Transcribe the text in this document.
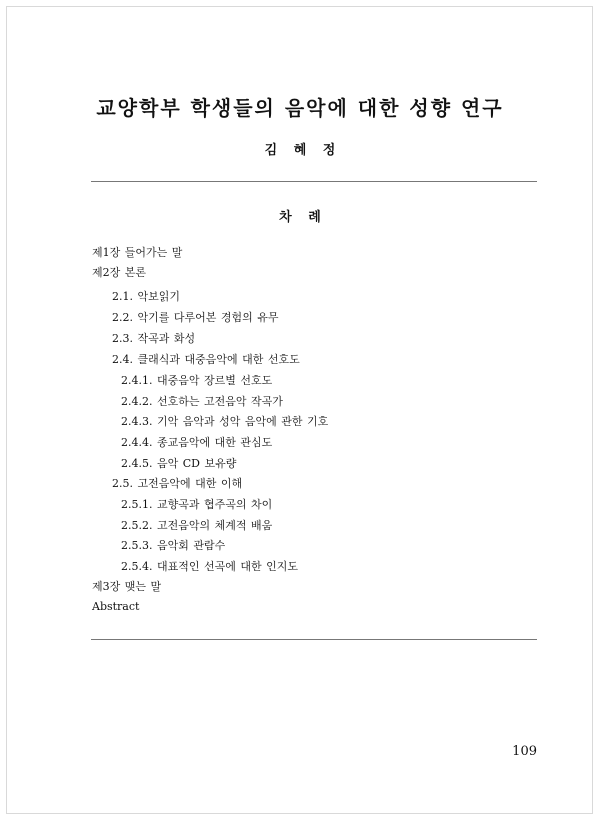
교양학부 학생들의 음악에 대한 성향 연구
김 혜 정
차 례
제1장 들어가는 말
제2장 본론
2.1. 악보읽기
2.2. 악기를 다루어본 경험의 유무
2.3. 작곡과 화성
2.4. 클래식과 대중음악에 대한 선호도
2.4.1. 대중음악 장르별 선호도
2.4.2. 선호하는 고전음악 작곡가
2.4.3. 기악 음악과 성악 음악에 관한 기호
2.4.4. 종교음악에 대한 관심도
2.4.5. 음악 CD 보유량
2.5. 고전음악에 대한 이해
2.5.1. 교향곡과 협주곡의 차이
2.5.2. 고전음악의 체계적 배움
2.5.3. 음악회 관람수
2.5.4. 대표적인 선곡에 대한 인지도
제3장 맺는 말
Abstract
109
